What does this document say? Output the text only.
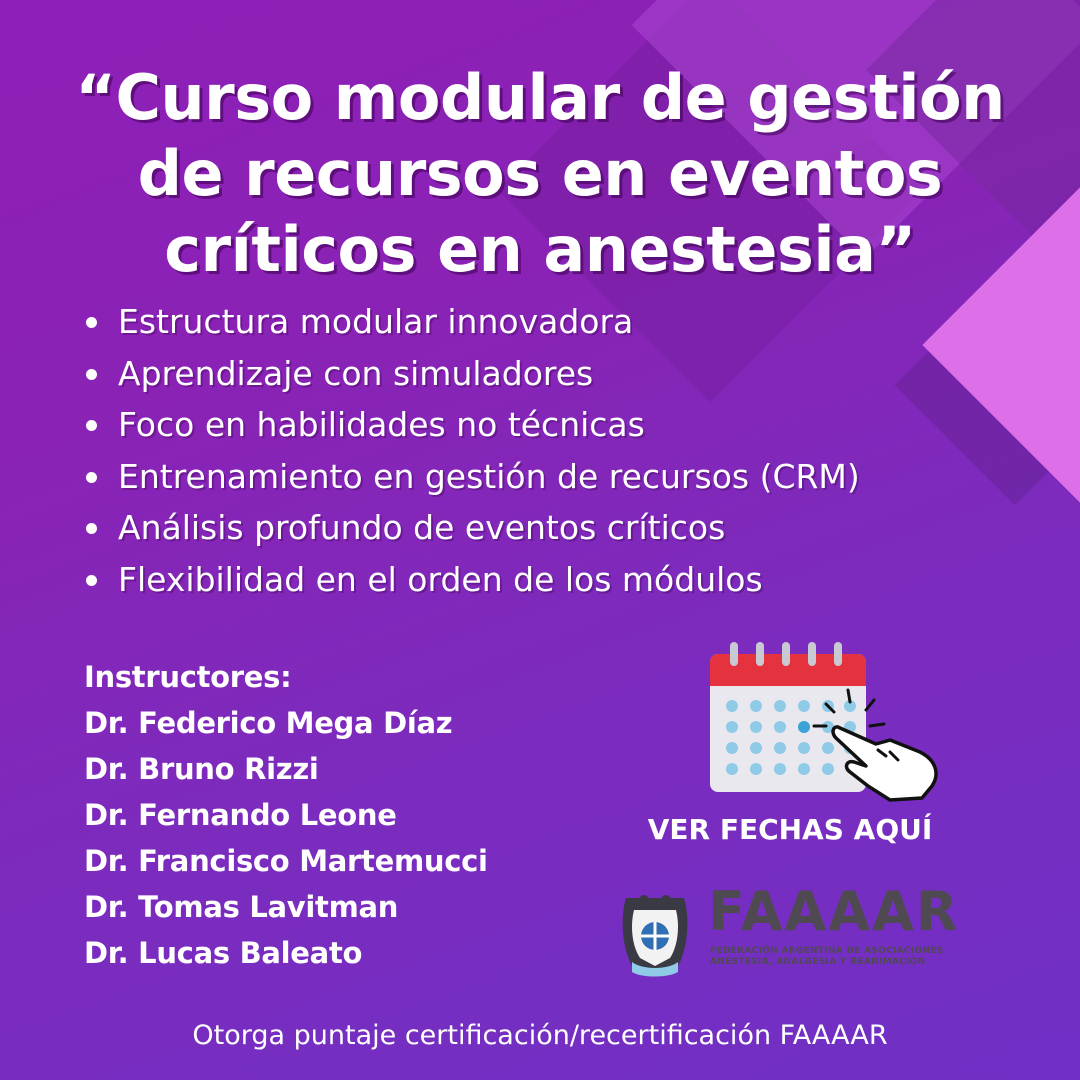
“Curso modular de gestión de recursos en eventos críticos en anestesia”
Estructura modular innovadora
Aprendizaje con simuladores
Foco en habilidades no técnicas
Entrenamiento en gestión de recursos (CRM)
Análisis profundo de eventos críticos
Flexibilidad en el orden de los módulos
Instructores:
Dr. Federico Mega Díaz
Dr. Bruno Rizzi
Dr. Fernando Leone
Dr. Francisco Martemucci
Dr. Tomas Lavitman
Dr. Lucas Baleato
VER FECHAS AQUÍ
FAAAAR
FEDERACIÓN ARGENTINA DE ASOCIACIONES ANESTESIA, ANALGESIA Y REANIMACIÓN
Otorga puntaje certificación/recertificación FAAAAR
